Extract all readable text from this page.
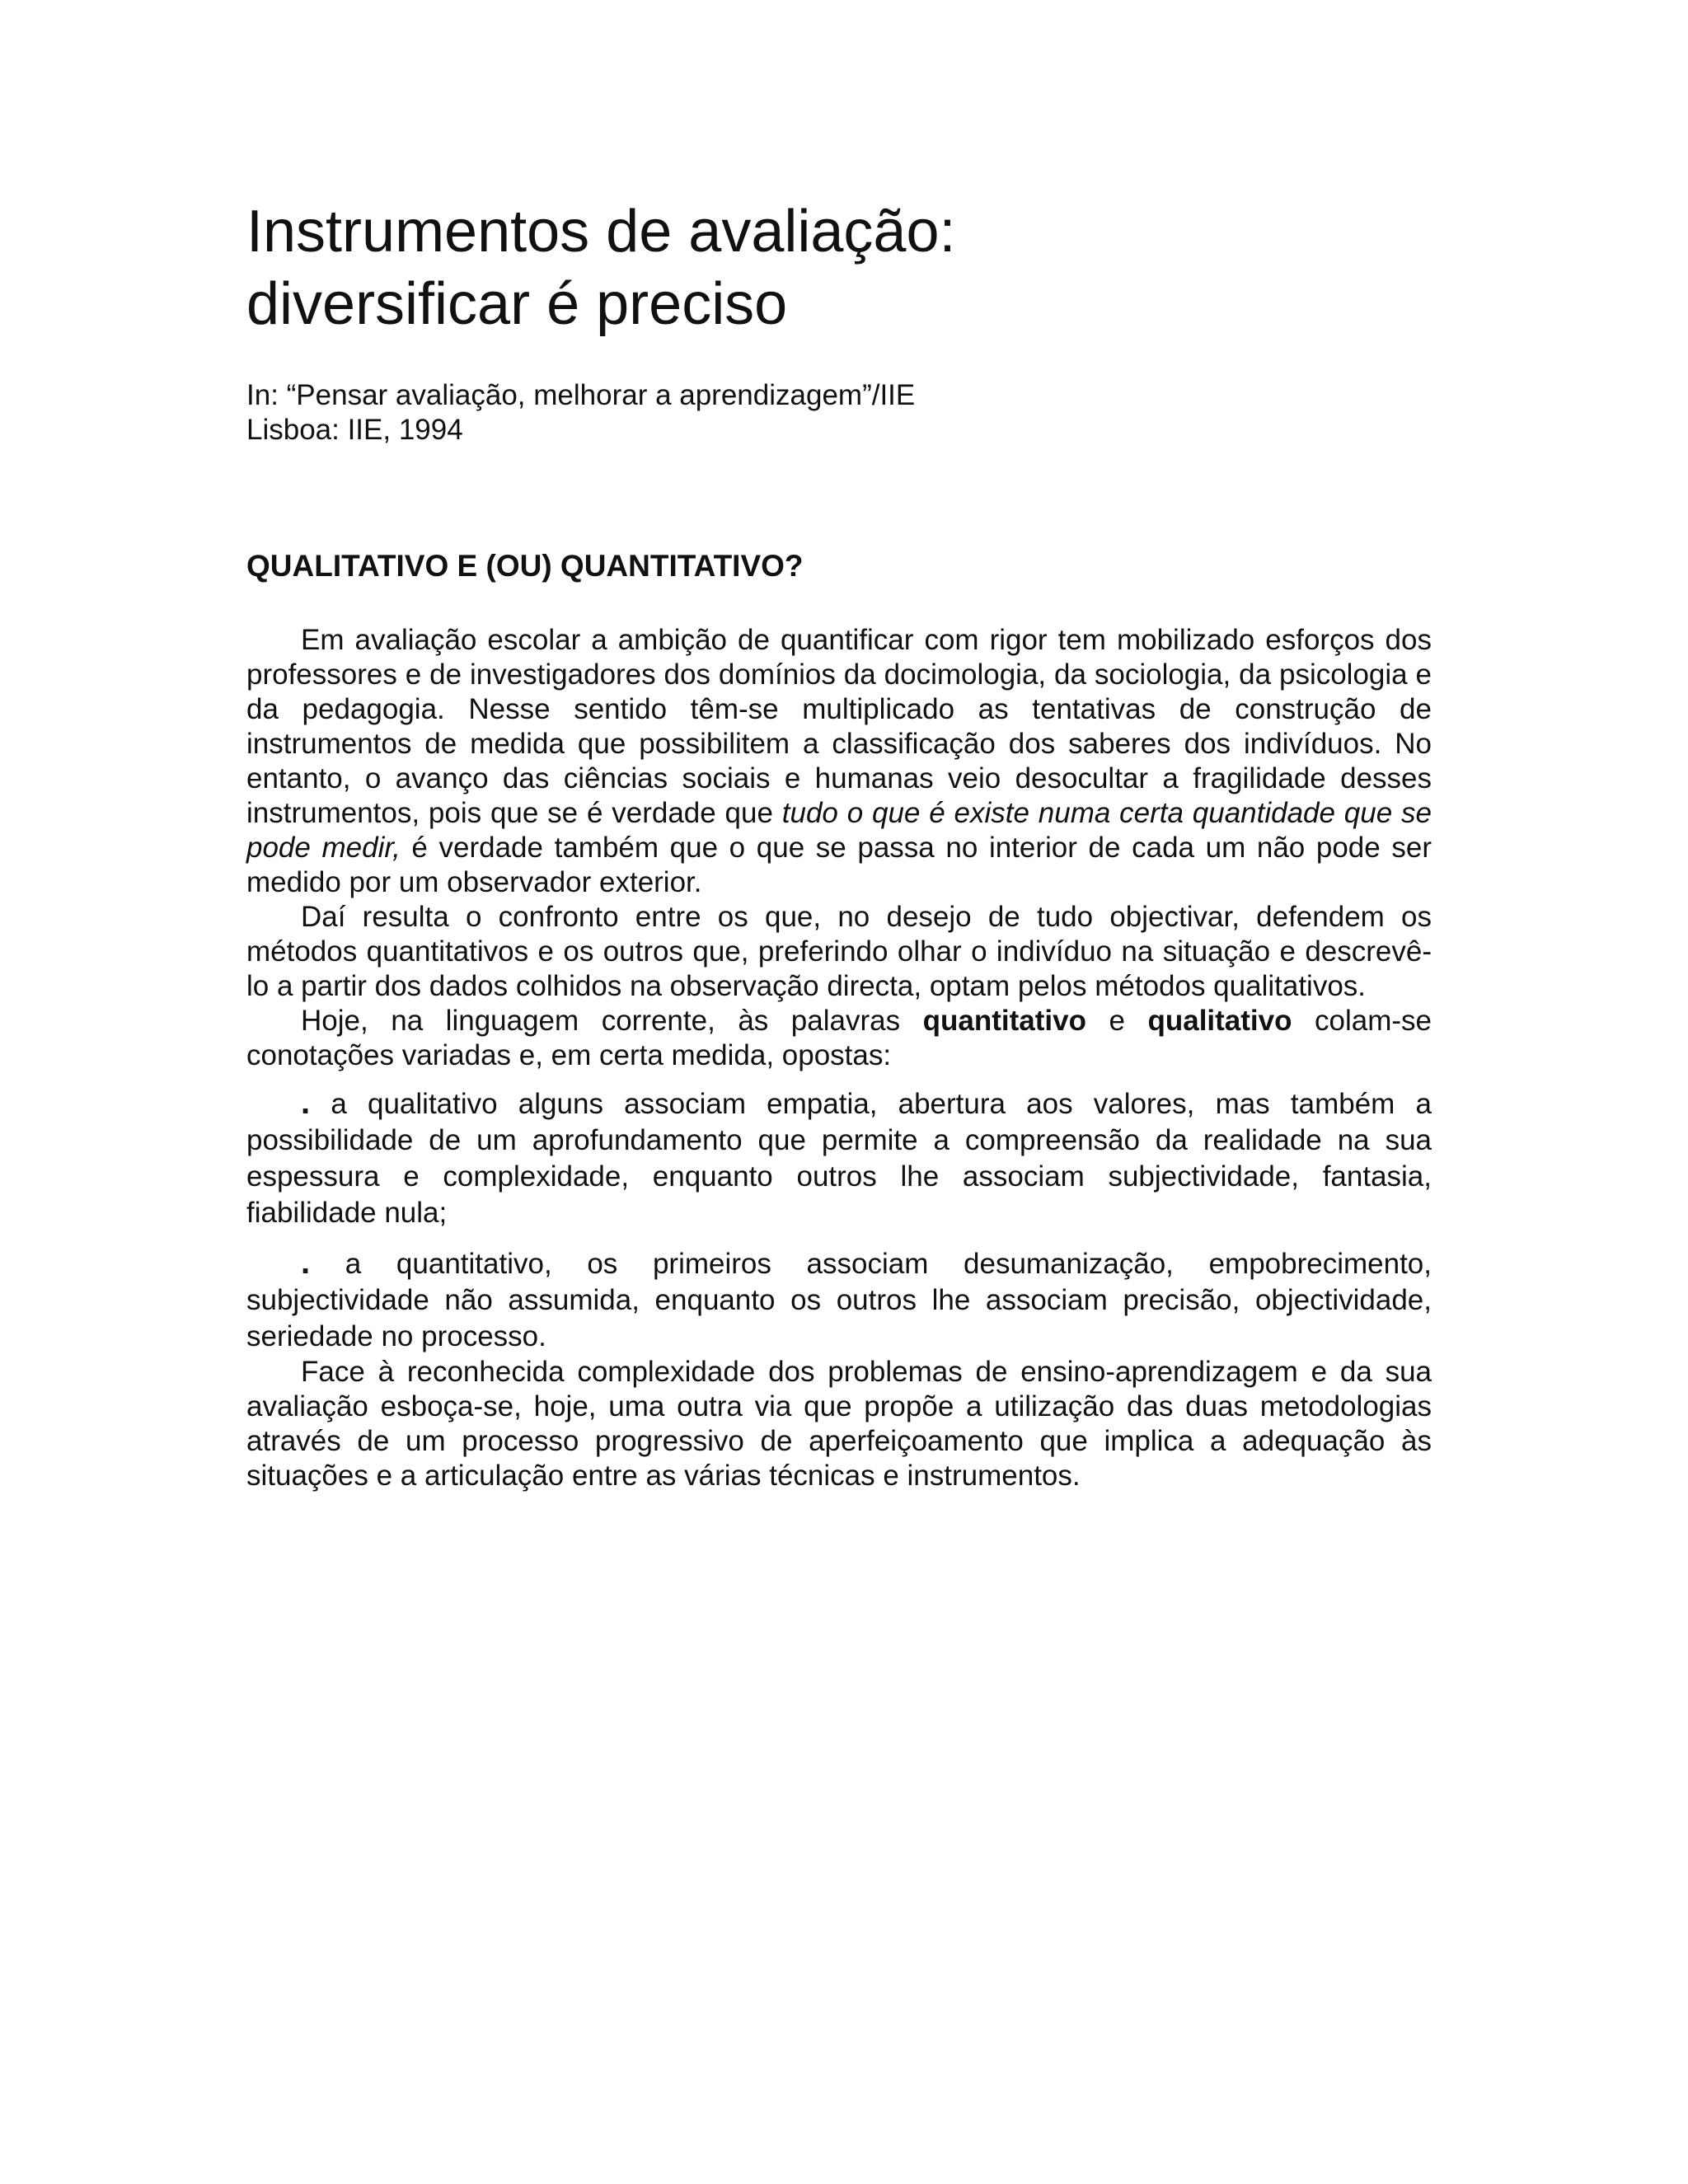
Instrumentos de avaliação:
diversificar é preciso
In: “Pensar avaliação, melhorar a aprendizagem”/IIE
Lisboa: IIE, 1994
QUALITATIVO E (OU) QUANTITATIVO?

Em avaliação escolar a ambição de quantificar com rigor tem mobilizado esforços dos professores e de investigadores dos domínios da docimologia, da sociologia, da psicologia e da pedagogia. Nesse sentido têm-se multiplicado as tentativas de construção de instrumentos de medida que possibilitem a classificação dos saberes dos indivíduos. No entanto, o avanço das ciências sociais e humanas veio desocultar a fragilidade desses instrumentos, pois que se é verdade que tudo o que é existe numa certa quantidade que se pode medir, é verdade também que o que se passa no interior de cada um não pode ser medido por um observador exterior.

Daí resulta o confronto entre os que, no desejo de tudo objectivar, defendem os métodos quantitativos e os outros que, preferindo olhar o indivíduo na situação e descrevê-lo a partir dos dados colhidos na observação directa, optam pelos métodos qualitativos.

Hoje, na linguagem corrente, às palavras quantitativo e qualitativo colam-se conotações variadas e, em certa medida, opostas:

. a qualitativo alguns associam empatia, abertura aos valores, mas também a possibilidade de um aprofundamento que permite a compreensão da realidade na sua espessura e complexidade, enquanto outros lhe associam subjectividade, fantasia, fiabilidade nula;

. a quantitativo, os primeiros associam desumanização, empobrecimento, subjectividade não assumida, enquanto os outros lhe associam precisão, objectividade, seriedade no processo.

Face à reconhecida complexidade dos problemas de ensino-aprendizagem e da sua avaliação esboça-se, hoje, uma outra via que propõe a utilização das duas metodologias através de um processo progressivo de aperfeiçoamento que implica a adequação às situações e a articulação entre as várias técnicas e instrumentos.
